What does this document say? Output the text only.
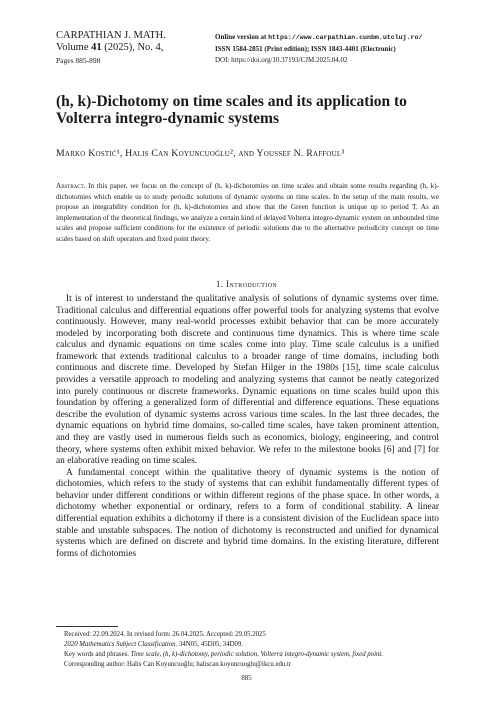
CARPATHIAN J. MATH.
Volume 41 (2025), No. 4,
Pages 885-898
Online version at https://www.carpathian.cunbm.utcluj.ro/
ISSN 1584-2851 (Print edition); ISSN 1843-4401 (Electronic)
DOI: https://doi.org/10.37193/CJM.2025.04.02
(h, k)-Dichotomy on time scales and its application to Volterra integro-dynamic systems
Marko Kostić¹, Halis Can Koyuncuoğlu², and Youssef N. Raffoul³
Abstract. In this paper, we focus on the concept of (h, k)-dichotomies on time scales and obtain some results regarding (h, k)-dichotomies which enable us to study periodic solutions of dynamic systems on time scales. In the setup of the main results, we propose an integrability condition for (h, k)-dichotomies and show that the Green function is unique up to period T. As an implementation of the theoretical findings, we analyze a certain kind of delayed Volterra integro-dynamic system on unbounded time scales and propose sufficient conditions for the existence of periodic solutions due to the alternative periodicity concept on time scales based on shift operators and fixed point theory.
1. Introduction

It is of interest to understand the qualitative analysis of solutions of dynamic systems over time. Traditional calculus and differential equations offer powerful tools for analyzing systems that evolve continuously. However, many real-world processes exhibit behavior that can be more accurately modeled by incorporating both discrete and continuous time dynamics. This is where time scale calculus and dynamic equations on time scales come into play. Time scale calculus is a unified framework that extends traditional calculus to a broader range of time domains, including both continuous and discrete time. Developed by Stefan Hilger in the 1980s [15], time scale calculus provides a versatile approach to modeling and analyzing systems that cannot be neatly categorized into purely continuous or discrete frameworks. Dynamic equations on time scales build upon this foundation by offering a generalized form of differential and difference equations. These equations describe the evolution of dynamic systems across various time scales. In the last three decades, the dynamic equations on hybrid time domains, so-called time scales, have taken prominent attention, and they are vastly used in numerous fields such as economics, biology, engineering, and control theory, where systems often exhibit mixed behavior. We refer to the milestone books [6] and [7] for an elaborative reading on time scales.

A fundamental concept within the qualitative theory of dynamic systems is the notion of dichotomies, which refers to the study of systems that can exhibit fundamentally different types of behavior under different conditions or within different regions of the phase space. In other words, a dichotomy whether exponential or ordinary, refers to a form of conditional stability. A linear differential equation exhibits a dichotomy if there is a consistent division of the Euclidean space into stable and unstable subspaces. The notion of dichotomy is reconstructed and unified for dynamical systems which are defined on discrete and hybrid time domains. In the existing literature, different forms of dichotomies

Received: 22.09.2024. In revised form: 26.04.2025. Accepted: 29.05.2025
2020 Mathematics Subject Classification. 34N05, 45D05, 34D09.
Key words and phrases. Time scale, (h, k)-dichotomy, periodic solution, Volterra integro-dynamic system, fixed point.
Corresponding author: Halis Can Koyuncuoğlu; haliscan.koyuncuoglu@ikcu.edu.tr
885
